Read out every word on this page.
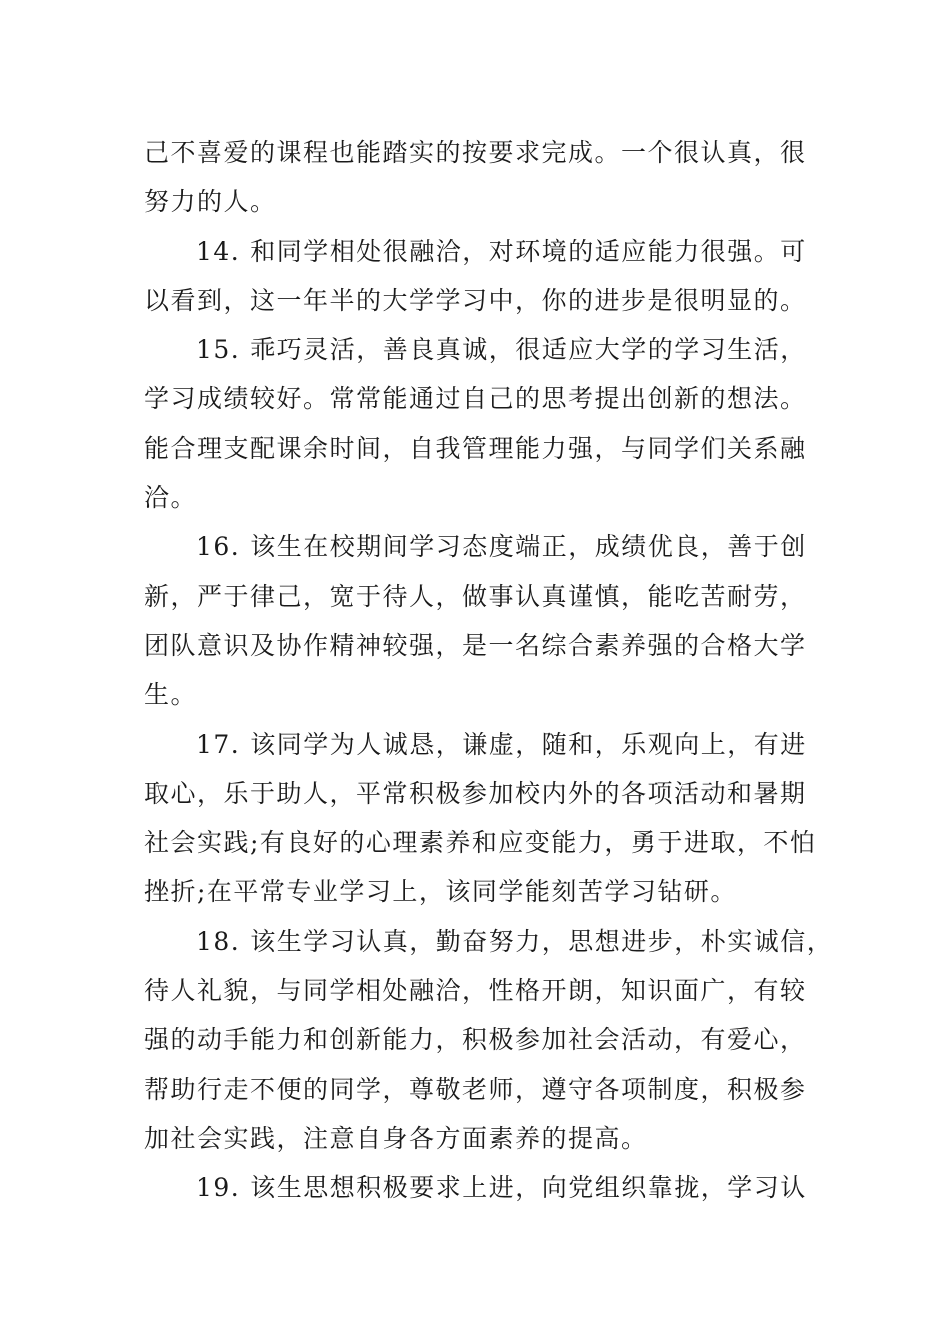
己不喜爱的课程也能踏实的按要求完成。一个很认真，很
努力的人。
14. 和同学相处很融洽，对环境的适应能力很强。可
以看到，这一年半的大学学习中，你的进步是很明显的。
15. 乖巧灵活，善良真诚，很适应大学的学习生活，
学习成绩较好。常常能通过自己的思考提出创新的想法。
能合理支配课余时间，自我管理能力强，与同学们关系融
洽。
16. 该生在校期间学习态度端正，成绩优良，善于创
新，严于律己，宽于待人，做事认真谨慎，能吃苦耐劳，
团队意识及协作精神较强，是一名综合素养强的合格大学
生。
17. 该同学为人诚恳，谦虚，随和，乐观向上，有进
取心，乐于助人，平常积极参加校内外的各项活动和暑期
社会实践;有良好的心理素养和应变能力，勇于进取，不怕
挫折;在平常专业学习上，该同学能刻苦学习钻研。
18. 该生学习认真，勤奋努力，思想进步，朴实诚信，
待人礼貌，与同学相处融洽，性格开朗，知识面广，有较
强的动手能力和创新能力，积极参加社会活动，有爱心，
帮助行走不便的同学，尊敬老师，遵守各项制度，积极参
加社会实践，注意自身各方面素养的提高。
19. 该生思想积极要求上进，向党组织靠拢，学习认
